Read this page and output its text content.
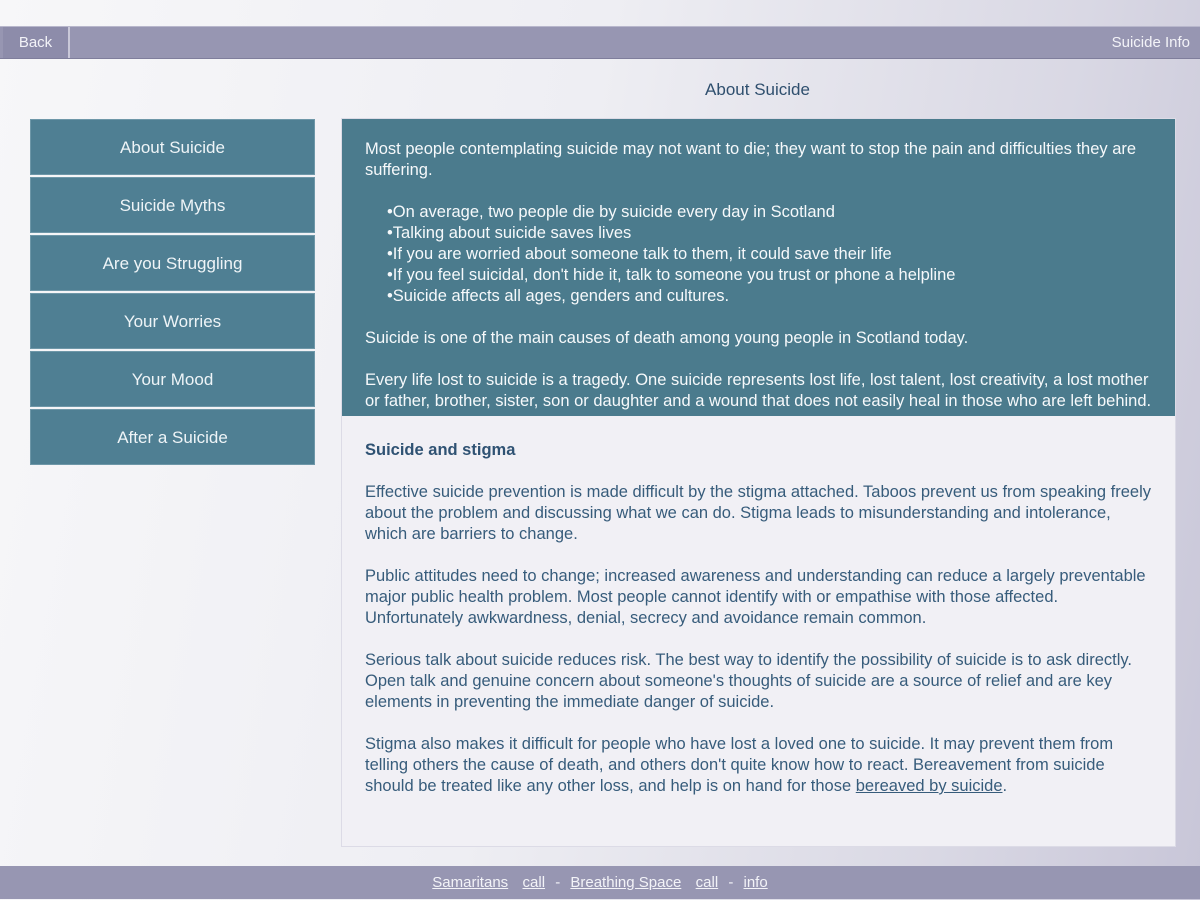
Back	Suicide Info
About Suicide
About Suicide
Suicide Myths
Are you Struggling
Your Worries
Your Mood
After a Suicide

Most people contemplating suicide may not want to die; they want to stop the pain and difficulties they are suffering.

• On average, two people die by suicide every day in Scotland
• Talking about suicide saves lives
• If you are worried about someone talk to them, it could save their life
• If you feel suicidal, don't hide it, talk to someone you trust or phone a helpline
• Suicide affects all ages, genders and cultures.

Suicide is one of the main causes of death among young people in Scotland today.

Every life lost to suicide is a tragedy. One suicide represents lost life, lost talent, lost creativity, a lost mother or father, brother, sister, son or daughter and a wound that does not easily heal in those who are left behind.

Suicide and stigma

Effective suicide prevention is made difficult by the stigma attached. Taboos prevent us from speaking freely about the problem and discussing what we can do. Stigma leads to misunderstanding and intolerance, which are barriers to change.

Public attitudes need to change; increased awareness and understanding can reduce a largely preventable major public health problem. Most people cannot identify with or empathise with those affected. Unfortunately awkwardness, denial, secrecy and avoidance remain common.

Serious talk about suicide reduces risk. The best way to identify the possibility of suicide is to ask directly. Open talk and genuine concern about someone's thoughts of suicide are a source of relief and are key elements in preventing the immediate danger of suicide.

Stigma also makes it difficult for people who have lost a loved one to suicide. It may prevent them from telling others the cause of death, and others don't quite know how to react. Bereavement from suicide should be treated like any other loss, and help is on hand for those bereaved by suicide.

Samaritans call - Breathing Space call - info
